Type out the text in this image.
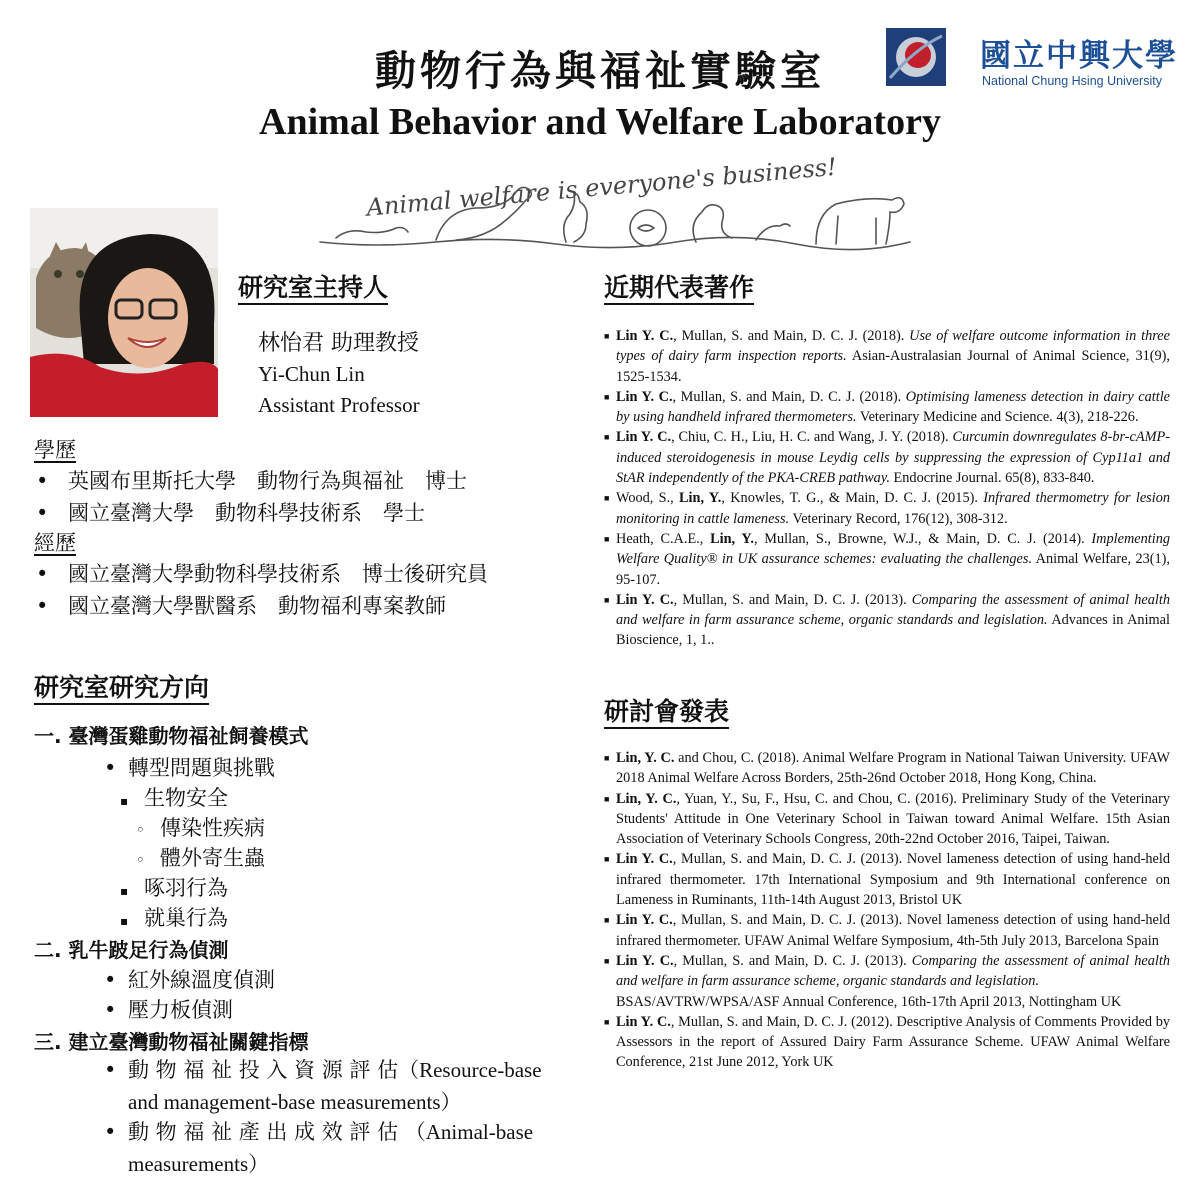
動物行為與福祉實驗室
Animal Behavior and Welfare Laboratory
國立中興大學
National Chung Hsing University
Animal welfare is everyone's business!
研究室主持人
林怡君 助理教授
Yi-Chun Lin
Assistant Professor
學歷
• 英國布里斯托大學　動物行為與福祉　博士
• 國立臺灣大學　動物科學技術系　學士
經歷
• 國立臺灣大學動物科學技術系　博士後研究員
• 國立臺灣大學獸醫系　動物福利專案教師
研究室研究方向
一. 臺灣蛋雞動物福祉飼養模式
• 轉型問題與挑戰
▪ 生物安全
◦ 傳染性疾病
◦ 體外寄生蟲
▪ 啄羽行為
▪ 就巢行為
二. 乳牛跛足行為偵測
• 紅外線溫度偵測
• 壓力板偵測
三. 建立臺灣動物福祉關鍵指標
• 動 物 福 祉 投 入 資 源 評 估（Resource-base
and management-base measurements）
• 動 物 福 祉 產 出 成 效 評 估 （Animal-base
measurements）
近期代表著作
■ Lin Y. C., Mullan, S. and Main, D. C. J. (2018). Use of welfare outcome information in three types of dairy farm inspection reports. Asian-Australasian Journal of Animal Science, 31(9), 1525-1534.
■ Lin Y. C., Mullan, S. and Main, D. C. J. (2018). Optimising lameness detection in dairy cattle by using handheld infrared thermometers. Veterinary Medicine and Science. 4(3), 218-226.
■ Lin Y. C., Chiu, C. H., Liu, H. C. and Wang, J. Y. (2018). Curcumin downregulates 8-br-cAMP-induced steroidogenesis in mouse Leydig cells by suppressing the expression of Cyp11a1 and StAR independently of the PKA-CREB pathway. Endocrine Journal. 65(8), 833-840.
■ Wood, S., Lin, Y., Knowles, T. G., & Main, D. C. J. (2015). Infrared thermometry for lesion monitoring in cattle lameness. Veterinary Record, 176(12), 308-312.
■ Heath, C.A.E., Lin, Y., Mullan, S., Browne, W.J., & Main, D. C. J. (2014). Implementing Welfare Quality® in UK assurance schemes: evaluating the challenges. Animal Welfare, 23(1), 95-107.
■ Lin Y. C., Mullan, S. and Main, D. C. J. (2013). Comparing the assessment of animal health and welfare in farm assurance scheme, organic standards and legislation. Advances in Animal Bioscience, 1, 1..
研討會發表
■ Lin, Y. C. and Chou, C. (2018). Animal Welfare Program in National Taiwan University. UFAW 2018 Animal Welfare Across Borders, 25th-26nd October 2018, Hong Kong, China.
■ Lin, Y. C., Yuan, Y., Su, F., Hsu, C. and Chou, C. (2016). Preliminary Study of the Veterinary Students' Attitude in One Veterinary School in Taiwan toward Animal Welfare. 15th Asian Association of Veterinary Schools Congress, 20th-22nd October 2016, Taipei, Taiwan.
■ Lin Y. C., Mullan, S. and Main, D. C. J. (2013). Novel lameness detection of using hand-held infrared thermometer. 17th International Symposium and 9th International conference on Lameness in Ruminants, 11th-14th August 2013, Bristol UK
■ Lin Y. C., Mullan, S. and Main, D. C. J. (2013). Novel lameness detection of using hand-held infrared thermometer. UFAW Animal Welfare Symposium, 4th-5th July 2013, Barcelona Spain
■ Lin Y. C., Mullan, S. and Main, D. C. J. (2013). Comparing the assessment of animal health and welfare in farm assurance scheme, organic standards and legislation.
BSAS/AVTRW/WPSA/ASF Annual Conference, 16th-17th April 2013, Nottingham UK
■ Lin Y. C., Mullan, S. and Main, D. C. J. (2012). Descriptive Analysis of Comments Provided by Assessors in the report of Assured Dairy Farm Assurance Scheme. UFAW Animal Welfare Conference, 21st June 2012, York UK
